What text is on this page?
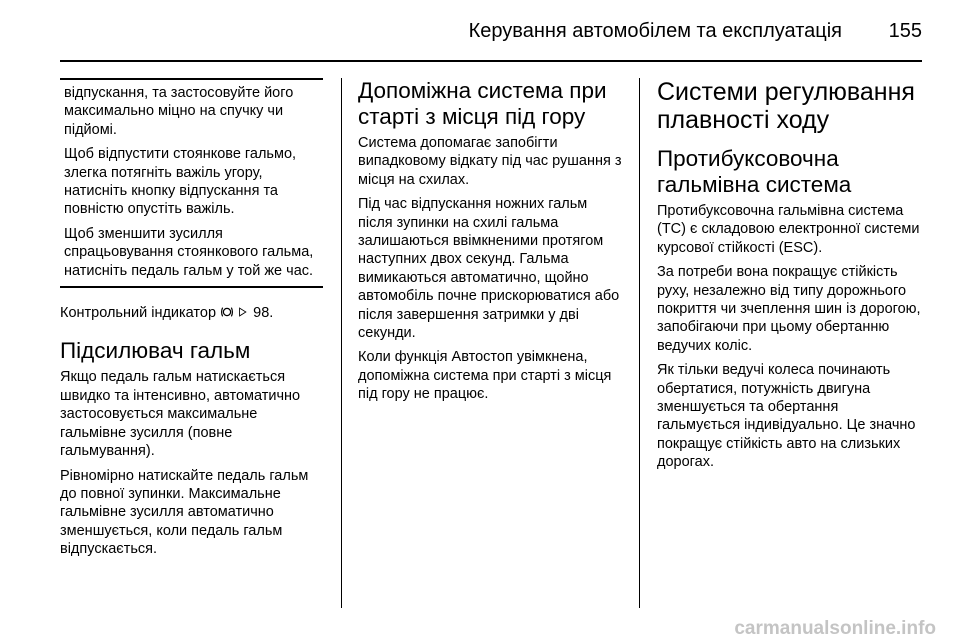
Керування автомобілем та експлуатація 155

відпускання, та застосовуйте його максимально міцно на спучку чи підйомі.

Щоб відпустити стоянкове гальмо, злегка потягніть важіль угору, натисніть кнопку відпускання та повністю опустіть важіль.

Щоб зменшити зусилля спрацьовування стоянкового гальма, натисніть педаль гальм у той же час.

Контрольний індикатор	98.

Підсилювач гальм

Якщо педаль гальм натискається швидко та інтенсивно, автоматично застосовується максимальне гальмівне зусилля (повне гальмування).

Рівномірно натискайте педаль гальм до повної зупинки. Максимальне гальмівне зусилля автоматично зменшується, коли педаль гальм відпускається.

Допоміжна система при старті з місця під гору

Система допомагає запобігти випадковому відкату під час рушання з місця на схилах.

Під час відпускання ножних гальм після зупинки на схилі гальма залишаються ввімкненими протягом наступних двох секунд. Гальма вимикаються автоматично, щойно автомобіль почне прискорюватися або після завершення затримки у дві секунди.

Коли функція Автостоп увімкнена, допоміжна система при старті з місця під гору не працює.

Системи регулювання плавності ходу
Протибуксовочна гальмівна система

Протибуксовочна гальмівна система (ТС) є складовою електронної системи курсової стійкості (ESC).

За потреби вона покращує стійкість руху, незалежно від типу дорожнього покриття чи зчеплення шин із дорогою, запобігаючи при цьому обертанню ведучих коліс.

Як тільки ведучі колеса починають обертатися, потужність двигуна зменшується та обертання гальмується індивідуально. Це значно покращує стійкість авто на слизьких дорогах.

carmanualsonline.info
